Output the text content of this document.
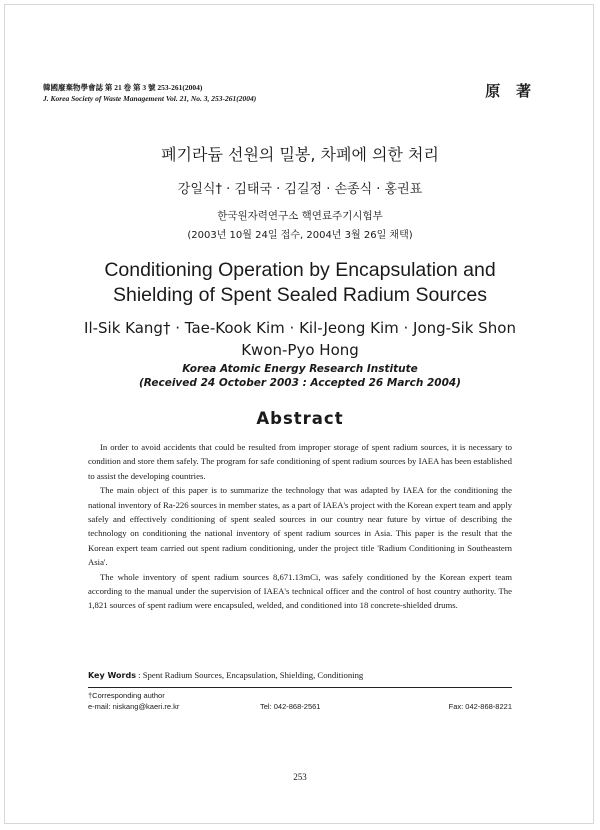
韓國廢棄物學會誌 第 21 卷 第 3 號 253-261(2004)
J. Korea Society of Waste Management Vol. 21, No. 3, 253-261(2004)	原 著
폐기라듐 선원의 밀봉, 차폐에 의한 처리
강일식† · 김태국 · 김길정 · 손종식 · 홍권표
한국원자력연구소 핵연료주기시험부
(2003년 10월 24일 접수, 2004년 3월 26일 채택)
Conditioning Operation by Encapsulation and
Shielding of Spent Sealed Radium Sources
Il-Sik Kang† · Tae-Kook Kim · Kil-Jeong Kim · Jong-Sik Shon
Kwon-Pyo Hong
Korea Atomic Energy Research Institute
(Received 24 October 2003 : Accepted 26 March 2004)
Abstract

In order to avoid accidents that could be resulted from improper storage of spent radium sources, it is necessary to condition and store them safely. The program for safe conditioning of spent radium sources by IAEA has been established to assist the developing countries.

The main object of this paper is to summarize the technology that was adapted by IAEA for the conditioning the national inventory of Ra-226 sources in member states, as a part of IAEA's project with the Korean expert team and apply safely and effectively conditioning of spent sealed sources in our country near future by virtue of describing the technology on conditioning the national inventory of spent radium sources in Asia. This paper is the result that the Korean expert team carried out spent radium conditioning, under the project title 'Radium Conditioning in Southeastern Asia'.

The whole inventory of spent radium sources 8,671.13mCi, was safely conditioned by the Korean expert team according to the manual under the supervision of IAEA's technical officer and the control of host country authority. The 1,821 sources of spent radium were encapsuled, welded, and conditioned into 18 concrete-shielded drums.

Key Words : Spent Radium Sources, Encapsulation, Shielding, Conditioning
†Corresponding author
e-mail: niskang@kaeri.re.kr	Tel: 042-868-2561	Fax: 042-868-8221
253
